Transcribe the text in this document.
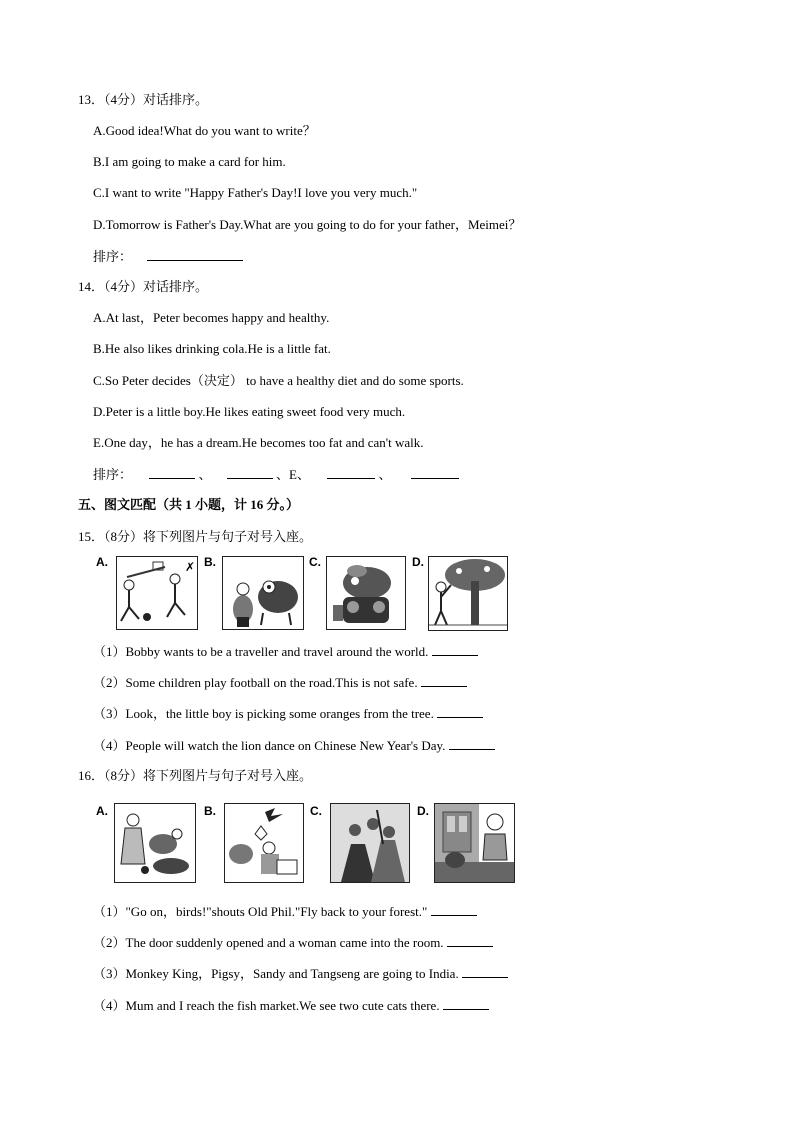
13．（4分）对话排序。
A.Good idea!What do you want to write？
B.I am going to make a card for him.
C.I want to write "Happy Father's Day!I love you very much."
D.Tomorrow is Father's Day.What are you going to do for your father，Meimei？
排序：
14．（4分）对话排序。
A.At last，Peter becomes happy and healthy.
B.He also likes drinking cola.He is a little fat.
C.So Peter decides（决定） to have a healthy diet and do some sports.
D.Peter is a little boy.He likes eating sweet food very much.
E.One day，he has a dream.He becomes too fat and can't walk.
排序：	、	、E、	、
五、图文匹配（共 1 小题，计 16 分。）
15．（8分）将下列图片与句子对号入座。
A.	✗ B.	C.	D.
（1）Bobby wants to be a traveller and travel around the world.
（2）Some children play football on the road.This is not safe.
（3）Look，the little boy is picking some oranges from the tree.
（4）People will watch the lion dance on Chinese New Year's Day.
16．（8分）将下列图片与句子对号入座。
A.	B.	C.	D.
（1）"Go on，birds!"shouts Old Phil."Fly back to your forest."
（2）The door suddenly opened and a woman came into the room.
（3）Monkey King，Pigsy，Sandy and Tangseng are going to India.
（4）Mum and I reach the fish market.We see two cute cats there.
